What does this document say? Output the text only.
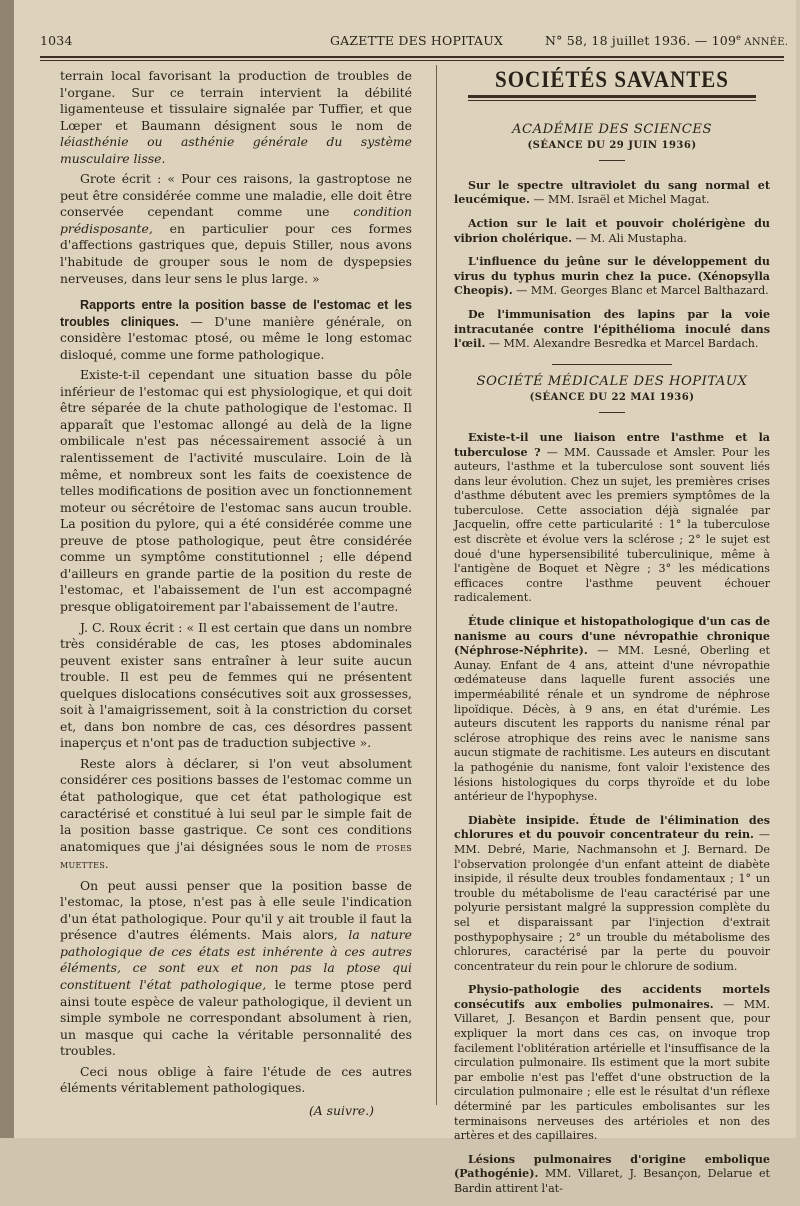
1034	GAZETTE DES HOPITAUX	N° 58, 18 juillet 1936. — 109e ANNÉE.

terrain local favorisant la production de troubles de l'organe. Sur ce terrain intervient la débilité ligamenteuse et tissulaire signalée par Tuffier, et que Lœper et Baumann désignent sous le nom de léiasthénie ou asthénie générale du système musculaire lisse.

Grote écrit : « Pour ces raisons, la gastroptose ne peut être considérée comme une maladie, elle doit être conservée cependant comme une condition prédisposante, en particulier pour ces formes d'affections gastriques que, depuis Stiller, nous avons l'habitude de grouper sous le nom de dyspepsies nerveuses, dans leur sens le plus large. »

Rapports entre la position basse de l'estomac et les troubles cliniques. — D'une manière générale, on considère l'estomac ptosé, ou même le long estomac disloqué, comme une forme pathologique.

Existe-t-il cependant une situation basse du pôle inférieur de l'estomac qui est physiologique, et qui doit être séparée de la chute pathologique de l'estomac. Il apparaît que l'estomac allongé au delà de la ligne ombilicale n'est pas nécessairement associé à un ralentissement de l'activité musculaire. Loin de là même, et nombreux sont les faits de coexistence de telles modifications de position avec un fonctionnement moteur ou sécrétoire de l'estomac sans aucun trouble. La position du pylore, qui a été considérée comme une preuve de ptose pathologique, peut être considérée comme un symptôme constitutionnel ; elle dépend d'ailleurs en grande partie de la position du reste de l'estomac, et l'abaissement de l'un est accompagné presque obligatoirement par l'abaissement de l'autre.

J. C. Roux écrit : « Il est certain que dans un nombre très considérable de cas, les ptoses abdominales peuvent exister sans entraîner à leur suite aucun trouble. Il est peu de femmes qui ne présentent quelques dislocations consécutives soit aux grossesses, soit à l'amaigrissement, soit à la constriction du corset et, dans bon nombre de cas, ces désordres passent inaperçus et n'ont pas de traduction subjective ».

Reste alors à déclarer, si l'on veut absolument considérer ces positions basses de l'estomac comme un état pathologique, que cet état pathologique est caractérisé et constitué à lui seul par le simple fait de la position basse gastrique. Ce sont ces conditions anatomiques que j'ai désignées sous le nom de ptoses muettes.

On peut aussi penser que la position basse de l'estomac, la ptose, n'est pas à elle seule l'indication d'un état pathologique. Pour qu'il y ait trouble il faut la présence d'autres éléments. Mais alors, la nature pathologique de ces états est inhérente à ces autres éléments, ce sont eux et non pas la ptose qui constituent l'état pathologique, le terme ptose perd ainsi toute espèce de valeur pathologique, il devient un simple symbole ne correspondant absolument à rien, un masque qui cache la véritable personnalité des troubles.

Ceci nous oblige à faire l'étude de ces autres éléments véritablement pathologiques.

(A suivre.)
SOCIÉTÉS SAVANTES
ACADÉMIE DES SCIENCES
(SÉANCE DU 29 JUIN 1936)

Sur le spectre ultraviolet du sang normal et leucémique. — MM. Israël et Michel Magat.

Action sur le lait et pouvoir cholérigène du vibrion cholérique. — M. Ali Mustapha.

L'influence du jeûne sur le développement du virus du typhus murin chez la puce. (Xénopsylla Cheopis). — MM. Georges Blanc et Marcel Balthazard.

De l'immunisation des lapins par la voie intracutanée contre l'épithélioma inoculé dans l'œil. — MM. Alexandre Besredka et Marcel Bardach.

SOCIÉTÉ MÉDICALE DES HOPITAUX
(SÉANCE DU 22 MAI 1936)

Existe-t-il une liaison entre l'asthme et la tuberculose ? — MM. Caussade et Amsler. Pour les auteurs, l'asthme et la tuberculose sont souvent liés dans leur évolution. Chez un sujet, les premières crises d'asthme débutent avec les premiers symptômes de la tuberculose. Cette association déjà signalée par Jacquelin, offre cette particularité : 1° la tuberculose est discrète et évolue vers la sclérose ; 2° le sujet est doué d'une hypersensibilité tuberculinique, même à l'antigène de Boquet et Nègre ; 3° les médications efficaces contre l'asthme peuvent échouer radicalement.

Étude clinique et histopathologique d'un cas de nanisme au cours d'une névropathie chronique (Néphrose-Néphrite). — MM. Lesné, Oberling et Aunay. Enfant de 4 ans, atteint d'une névropathie œdémateuse dans laquelle furent associés une imperméabilité rénale et un syndrome de néphrose lipoïdique. Décès, à 9 ans, en état d'urémie. Les auteurs discutent les rapports du nanisme rénal par sclérose atrophique des reins avec le nanisme sans aucun stigmate de rachitisme. Les auteurs en discutant la pathogénie du nanisme, font valoir l'existence des lésions histologiques du corps thyroïde et du lobe antérieur de l'hypophyse.

Diabète insipide. Étude de l'élimination des chlorures et du pouvoir concentrateur du rein. — MM. Debré, Marie, Nachmansohn et J. Bernard. De l'observation prolongée d'un enfant atteint de diabète insipide, il résulte deux troubles fondamentaux ; 1° un trouble du métabolisme de l'eau caractérisé par une polyurie persistant malgré la suppression complète du sel et disparaissant par l'injection d'extrait posthypophysaire ; 2° un trouble du métabolisme des chlorures, caractérisé par la perte du pouvoir concentrateur du rein pour le chlorure de sodium.

Physio-pathologie des accidents mortels consécutifs aux embolies pulmonaires. — MM. Villaret, J. Besançon et Bardin pensent que, pour expliquer la mort dans ces cas, on invoque trop facilement l'oblitération artérielle et l'insuffisance de la circulation pulmonaire. Ils estiment que la mort subite par embolie n'est pas l'effet d'une obstruction de la circulation pulmonaire ; elle est le résultat d'un réflexe déterminé par les particules embolisantes sur les terminaisons nerveuses des artérioles et non des artères et des capillaires.

Lésions pulmonaires d'origine embolique (Pathogénie). MM. Villaret, J. Besançon, Delarue et Bardin attirent l'at-
